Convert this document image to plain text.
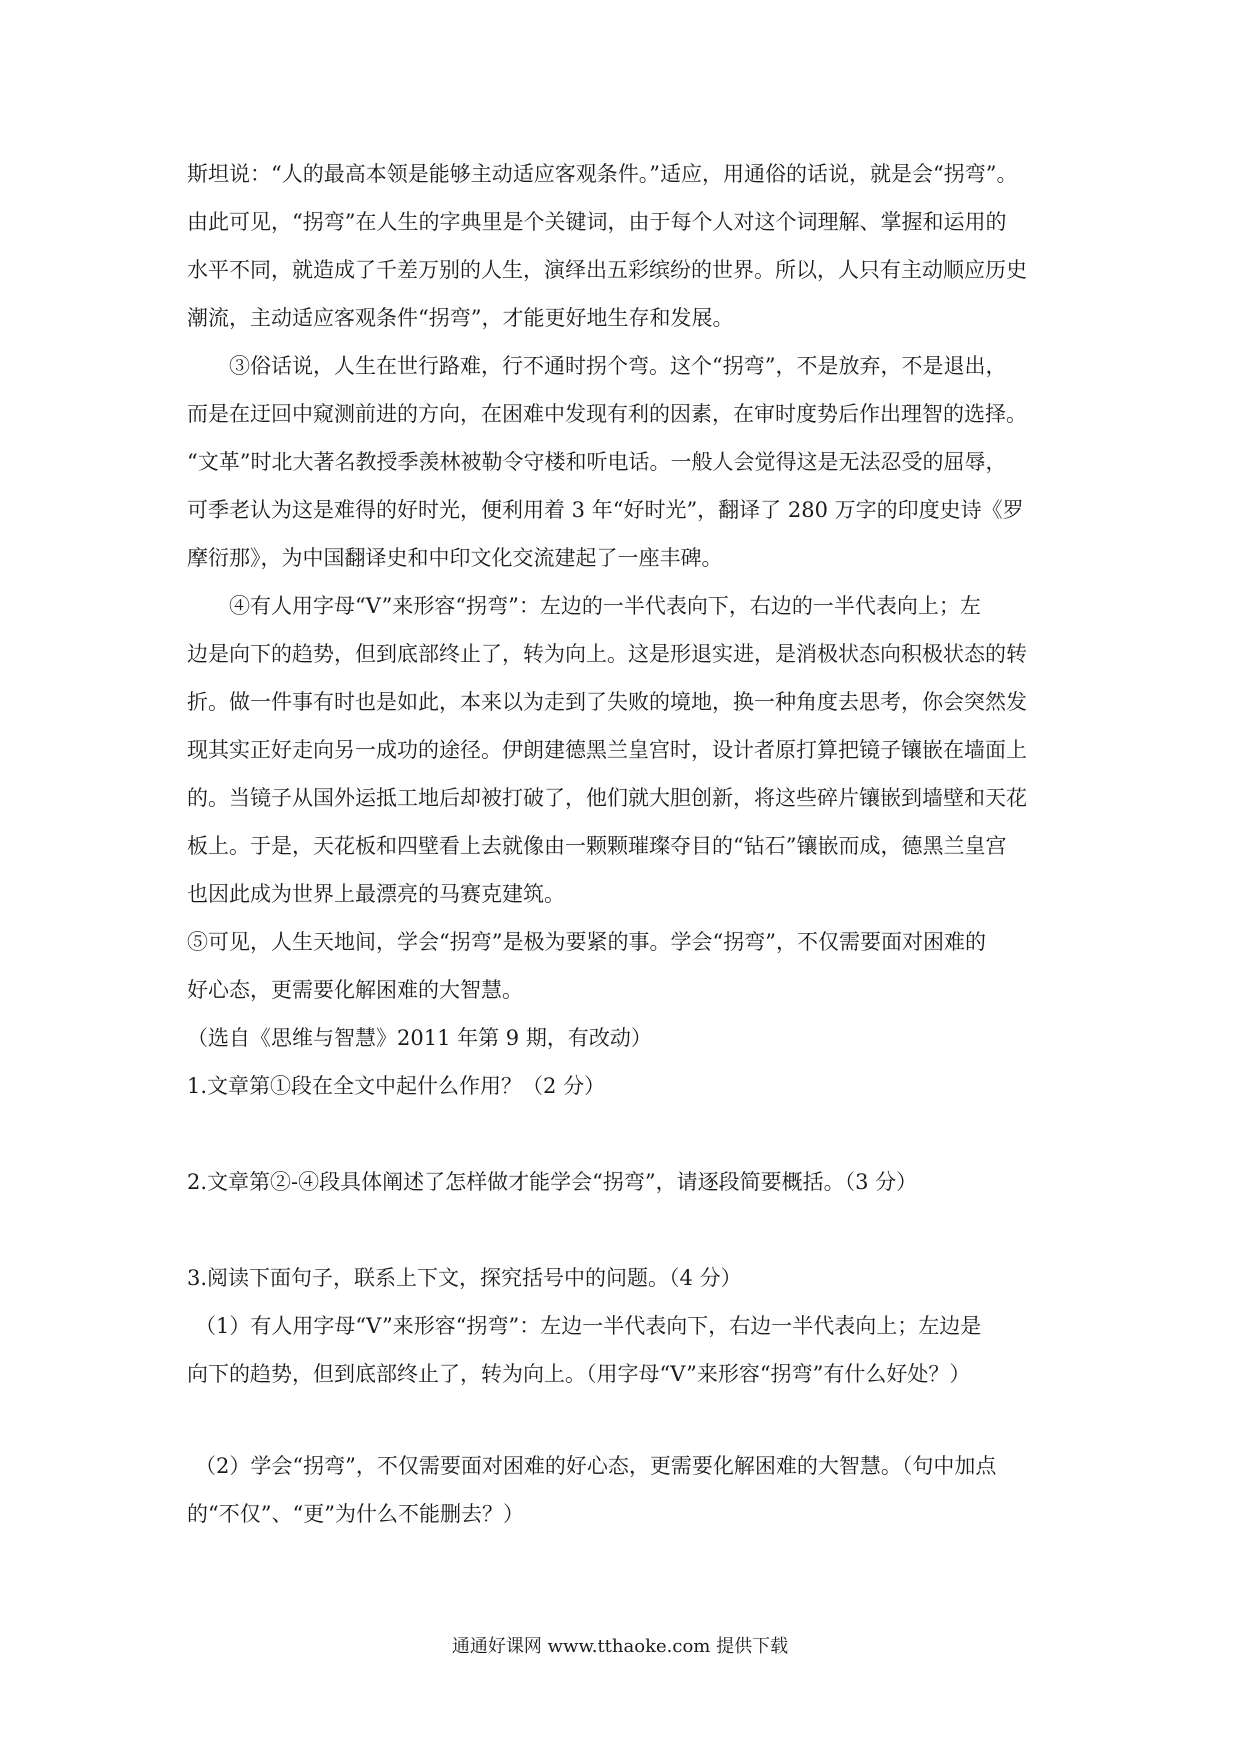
斯坦说：“人的最高本领是能够主动适应客观条件。”适应，用通俗的话说，就是会“拐弯”。
由此可见，“拐弯”在人生的字典里是个关键词，由于每个人对这个词理解、掌握和运用的
水平不同，就造成了千差万别的人生，演绎出五彩缤纷的世界。所以，人只有主动顺应历史
潮流，主动适应客观条件“拐弯”，才能更好地生存和发展。
③俗话说，人生在世行路难，行不通时拐个弯。这个“拐弯”，不是放弃，不是退出，
而是在迂回中窥测前进的方向，在困难中发现有利的因素，在审时度势后作出理智的选择。
“文革”时北大著名教授季羡林被勒令守楼和听电话。一般人会觉得这是无法忍受的屈辱，
可季老认为这是难得的好时光，便利用着 3 年“好时光”，翻译了 280 万字的印度史诗《罗
摩衍那》，为中国翻译史和中印文化交流建起了一座丰碑。
④有人用字母“V”来形容“拐弯”：左边的一半代表向下，右边的一半代表向上；左
边是向下的趋势，但到底部终止了，转为向上。这是形退实进，是消极状态向积极状态的转
折。做一件事有时也是如此，本来以为走到了失败的境地，换一种角度去思考，你会突然发
现其实正好走向另一成功的途径。伊朗建德黑兰皇宫时，设计者原打算把镜子镶嵌在墙面上
的。当镜子从国外运抵工地后却被打破了，他们就大胆创新，将这些碎片镶嵌到墙壁和天花
板上。于是，天花板和四壁看上去就像由一颗颗璀璨夺目的“钻石”镶嵌而成，德黑兰皇宫
也因此成为世界上最漂亮的马赛克建筑。
⑤可见，人生天地间，学会“拐弯”是极为要紧的事。学会“拐弯”，不仅需要面对困难的
好心态，更需要化解困难的大智慧。
（选自《思维与智慧》2011 年第 9 期，有改动）
1.文章第①段在全文中起什么作用？（2 分）
2.文章第②-④段具体阐述了怎样做才能学会“拐弯”，请逐段简要概括。（3 分）
3.阅读下面句子，联系上下文，探究括号中的问题。（4 分）
（1）有人用字母“V”来形容“拐弯”：左边一半代表向下，右边一半代表向上；左边是
向下的趋势，但到底部终止了，转为向上。（用字母“V”来形容“拐弯”有什么好处？）
（2）学会“拐弯”，不仅需要面对困难的好心态，更需要化解困难的大智慧。（句中加点
的“不仅”、“更”为什么不能删去？）
通通好课网 www.tthaoke.com 提供下载
